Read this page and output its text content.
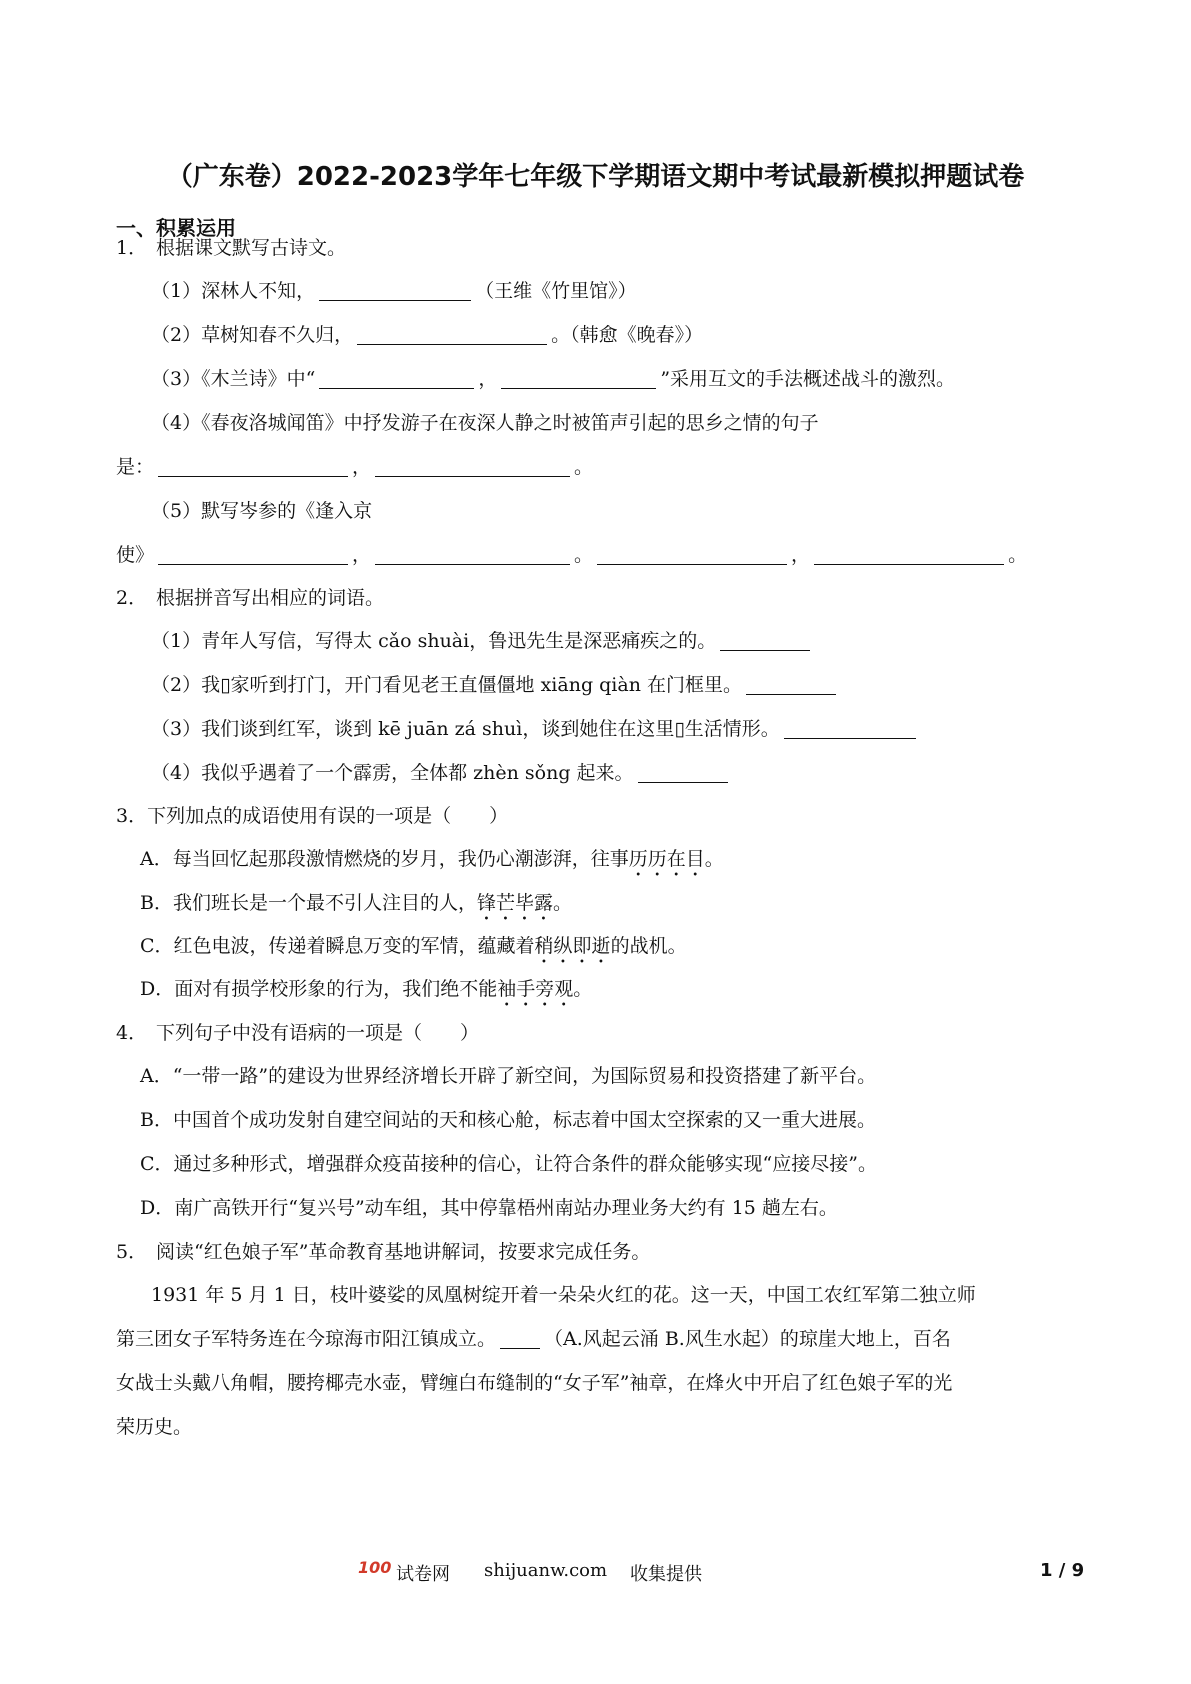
（广东卷）2022-2023学年七年级下学期语文期中考试最新模拟押题试卷
一、积累运用
1． 根据课文默写古诗文。
（1）深林人不知，	（王维《竹里馆》）
（2）草树知春不久归，	。（韩愈《晚春》）
（3）《木兰诗》中“	，	”采用互文的手法概述战斗的激烈。
（4）《春夜洛城闻笛》中抒发游子在夜深人静之时被笛声引起的思乡之情的句子
是：	，	。
（5）默写岑参的《逢入京
使》	，	。	，	。
2． 根据拼音写出相应的词语。
（1）青年人写信，写得太 cǎo shuài，鲁迅先生是深恶痛疾之的。
（2）我▯家听到打门，开门看见老王直僵僵地 xiāng qiàn 在门框里。
（3）我们谈到红军，谈到 kē juān zá shuì，谈到她住在这里▯生活情形。
（4）我似乎遇着了一个霹雳，全体都 zhèn sǒng 起来。
3．下列加点的成语使用有误的一项是（　　）
A．每当回忆起那段激情燃烧的岁月，我仍心潮澎湃，往事历历在目。
B．我们班长是一个最不引人注目的人，锋芒毕露。
C．红色电波，传递着瞬息万变的军情，蕴藏着稍纵即逝的战机。
D．面对有损学校形象的行为，我们绝不能袖手旁观。
4． 下列句子中没有语病的一项是（　　）
A．“一带一路”的建设为世界经济增长开辟了新空间，为国际贸易和投资搭建了新平台。
B．中国首个成功发射自建空间站的天和核心舱，标志着中国太空探索的又一重大进展。
C．通过多种形式，增强群众疫苗接种的信心，让符合条件的群众能够实现“应接尽接”。
D．南广高铁开行“复兴号”动车组，其中停靠梧州南站办理业务大约有 15 趟左右。
5． 阅读“红色娘子军”革命教育基地讲解词，按要求完成任务。
1931 年 5 月 1 日，枝叶婆娑的凤凰树绽开着一朵朵火红的花。这一天，中国工农红军第二独立师
第三团女子军特务连在今琼海市阳江镇成立。	（A.风起云涌 B.风生水起）的琼崖大地上，百名
女战士头戴八角帽，腰挎椰壳水壶，臂缠白布缝制的“女子军”袖章，在烽火中开启了红色娘子军的光
荣历史。
100 试卷网 shijuanw.com 收集提供	1 / 9
